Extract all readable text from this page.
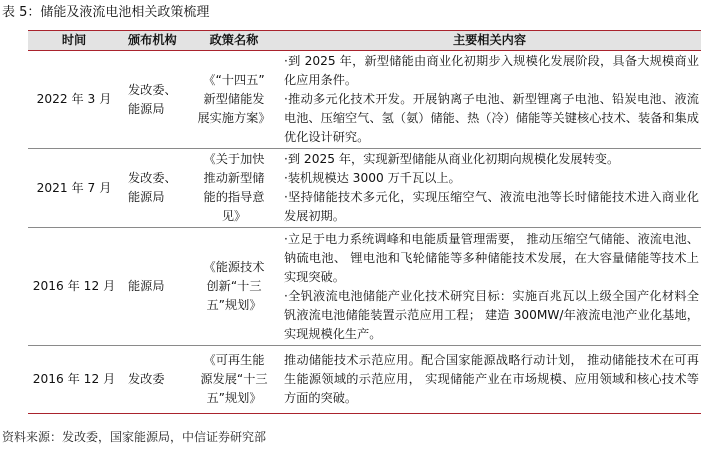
表 5：储能及液流电池相关政策梳理
时间	颁布机构	政策名称	主要相关内容
2022 年 3 月	发改委、
能源局	《“十四五”
新型储能发
展实施方案》	·到 2025 年，新型储能由商业化初期步入规模化发展阶段，具备大规模商业化应用条件。
·推动多元化技术开发。开展钠离子电池、新型锂离子电池、铅炭电池、液流电池、压缩空气、氢（氨）储能、热（冷）储能等关键核心技术、装备和集成优化设计研究。

2021 年 7 月	发改委、
能源局	《关于加快
推动新型储
能的指导意
见》	·到 2025 年，实现新型储能从商业化初期向规模化发展转变。
·装机规模达 3000 万千瓦以上。
·坚持储能技术多元化，实现压缩空气、液流电池等长时储能技术进入商业化发展初期。

2016 年 12 月	能源局	《能源技术
创新“十三
五”规划》	·立足于电力系统调峰和电能质量管理需要， 推动压缩空气储能、液流电池、 钠硫电池、 锂电池和飞轮储能等多种储能技术发展，在大容量储能等技术上实现突破。
·全钒液流电池储能产业化技术研究目标：实施百兆瓦以上级全国产化材料全钒液流电池储能装置示范应用工程； 建造 300MW/年液流电池产业化基地， 实现规模化生产。

2016 年 12 月	发改委	《可再生能
源发展“十三
五”规划》	推动储能技术示范应用。配合国家能源战略行动计划， 推动储能技术在可再生能源领域的示范应用， 实现储能产业在市场规模、应用领域和核心技术等方面的突破。
资料来源：发改委，国家能源局，中信证券研究部
